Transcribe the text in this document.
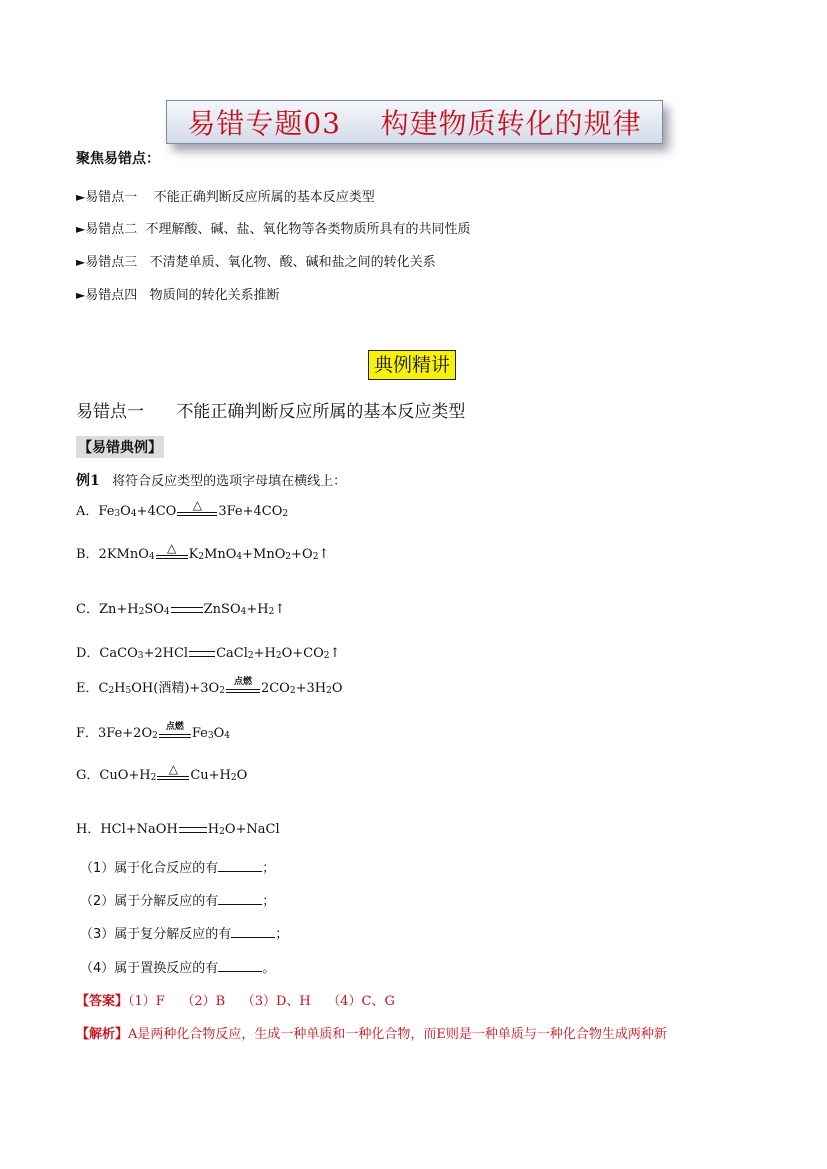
易错专题03    构建物质转化的规律
聚焦易错点：
►易错点一 不能正确判断反应所属的基本反应类型
►易错点二 不理解酸、碱、盐、氧化物等各类物质所具有的共同性质
►易错点三 不清楚单质、氧化物、酸、碱和盐之间的转化关系
►易错点四 物质间的转化关系推断
典例精讲
易错点一 不能正确判断反应所属的基本反应类型
【易错典例】
例1 将符合反应类型的选项字母填在横线上：
A．$Fe_3$ O 4 +4CO △ 3Fe+4CO 2
B．2KMnO$_4$
△ K 2 MnO 4 +MnO 2 +O 2 ↑
C．$Zn+H_2$ SO 4	ZnSO 4 +H 2 ↑
D．CaCO$_3$ +2HCl CaCl 2 +H 2 O+CO 2 ↑
E．$C_2$ H 5 OH(酒精)$+3O_2$
点燃 2CO 2 +3H 2 O
F．$3Fe+2O_2$
点燃 Fe 3 O 4
G．$CuO+H_2$
△ Cu+H 2 O
H．HCl+NaOH H 2 O+NaCl
（1）属于化合反应的有	；
（2）属于分解反应的有	；
（3）属于复分解反应的有	；
（4）属于置换反应的有	。
【答案】（1）F    （2）B    （3）D、H    （4）C、G
【解析】A是两种化合物反应，生成一种单质和一种化合物，而E则是一种单质与一种化合物生成两种新
